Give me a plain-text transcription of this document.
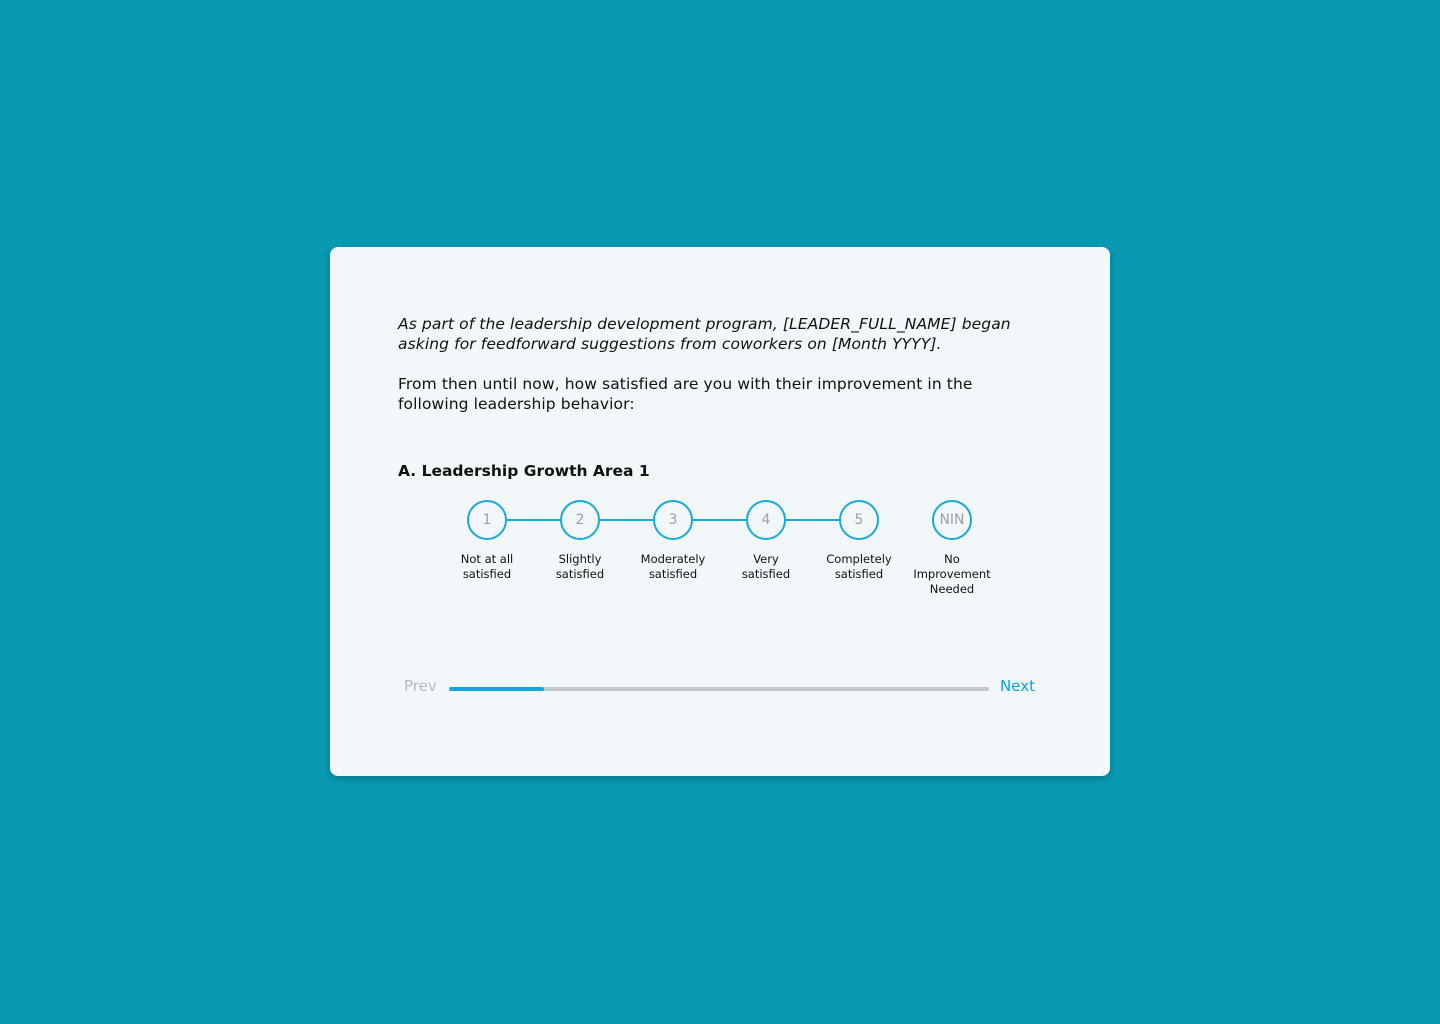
As part of the leadership development program, [LEADER_FULL_NAME] began asking for feedforward suggestions from coworkers on [Month YYYY].

From then until now, how satisfied are you with their improvement in the following leadership behavior:

A. Leadership Growth Area 1

1
Not at all
satisfied
2
Slightly
satisfied
3
Moderately
satisfied
4
Very
satisfied
5
Completely
satisfied
NIN
No
Improvement
Needed
Prev	Next
